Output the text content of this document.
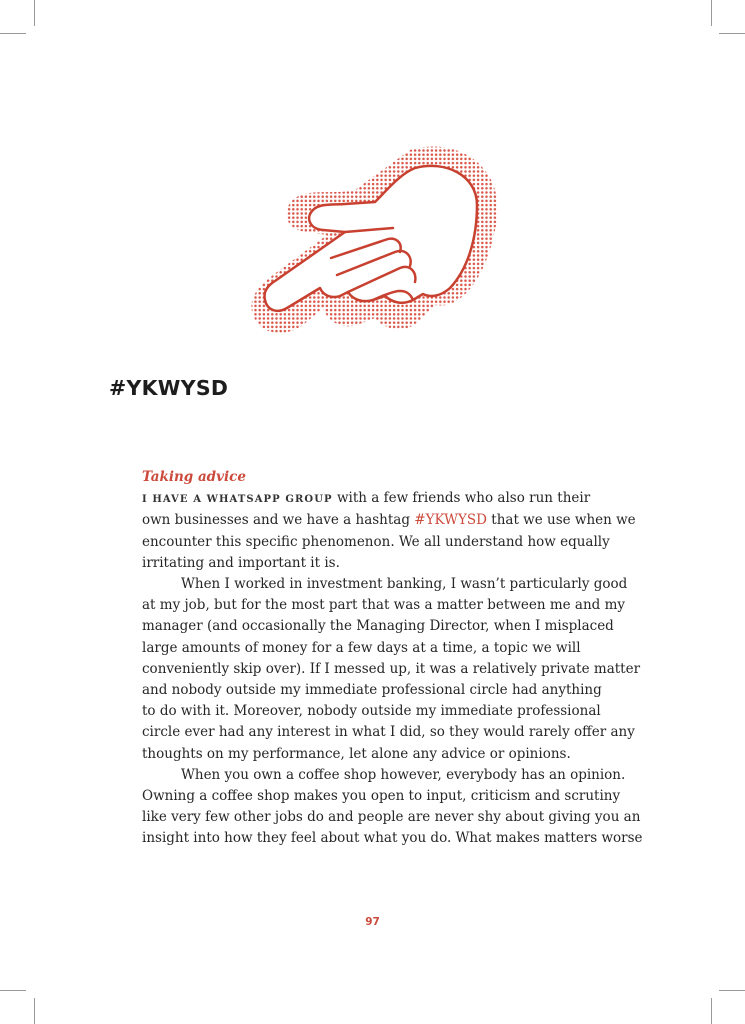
#YKWYSD
Taking advice
I HAVE A WHATSAPP GROUP with a few friends who also run their
own businesses and we have a hashtag #YKWYSD that we use when we
encounter this specific phenomenon. We all understand how equally
irritating and important it is.
When I worked in investment banking, I wasn’t particularly good
at my job, but for the most part that was a matter between me and my
manager (and occasionally the Managing Director, when I misplaced
large amounts of money for a few days at a time, a topic we will
conveniently skip over). If I messed up, it was a relatively private matter
and nobody outside my immediate professional circle had anything
to do with it. Moreover, nobody outside my immediate professional
circle ever had any interest in what I did, so they would rarely offer any
thoughts on my performance, let alone any advice or opinions.
When you own a coffee shop however, everybody has an opinion.
Owning a coffee shop makes you open to input, criticism and scrutiny
like very few other jobs do and people are never shy about giving you an
insight into how they feel about what you do. What makes matters worse
97
